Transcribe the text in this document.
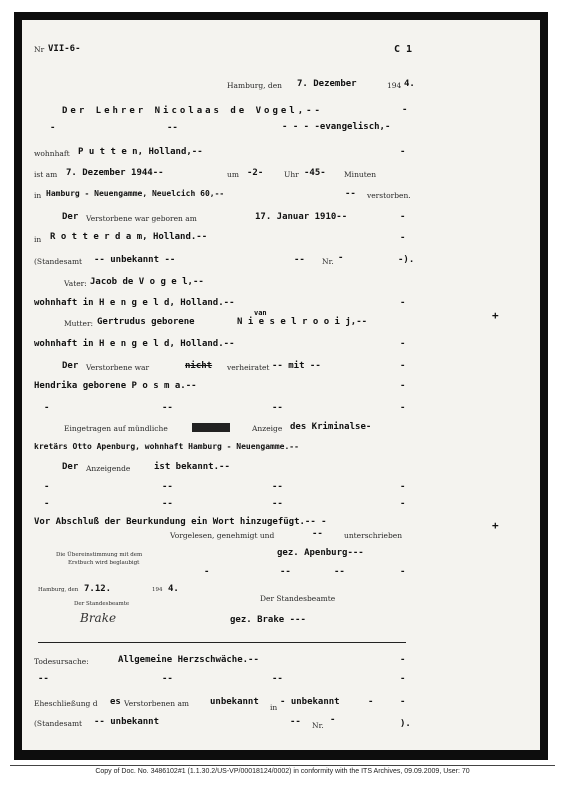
Nr VII-6-	C 1
Hamburg, den 7. Dezember	194 4.
Der Lehrer Nicolaas de Vogel,--	-
-	--	- - - -evangelisch,-
wohnhaft P u t t e n, Holland,--	-
ist am 7. Dezember 1944--	um -2-	Uhr -45- Minuten
in Hamburg - Neuengamme, Neuelcich 60,--	-- verstorben.
Der Verstorbene war geboren am	17. Januar 1910--	-
in R o t t e r d a m, Holland.--	-
(Standesamt -- unbekannt --	-- Nr. -	-).
Vater: Jacob de V o g e l,--
wohnhaft in H e n g e l d, Holland.--	-
van
Mutter: Gertrudus geborene	N i e s e l r o o i j,--
wohnhaft in H e n g e l d, Holland.--	-
Der Verstorbene war	nicht verheiratet -- mit --	-
Hendrika geborene P o s m a.--	-
-	--	--	-
Eingetragen auf mündliche	xxxxxxx	Anzeige des Kriminalse-
kretärs Otto Apenburg, wohnhaft Hamburg - Neuengamme.--
Der Anzeigende	ist bekannt.--
-	--	--	-
-	--	--	-
Vor Abschluß der Beurkundung ein Wort hinzugefügt.-- -
Vorgelesen, genehmigt und	--	unterschrieben
gez. Apenburg---
Die Übereinstimmung mit dem
Erstbuch wird beglaubigt
-	--	--	-
Hamburg, den 7.12.	194 4.
Der Standesbeamte
Der Standesbeamte
Brake	gez. Brake ---
Todesursache:	Allgemeine Herzschwäche.--	-
--	--	--	-
Eheschließung d es Verstorbenen am unbekannt
in
- unbekannt	-	-
(Standesamt -- unbekannt	-- Nr.
-	).
+
+
Copy of Doc. No. 3486102#1 (1.1.30.2/US-VP/00018124/0002) in conformity with the ITS Archives, 09.09.2009, User: 70
